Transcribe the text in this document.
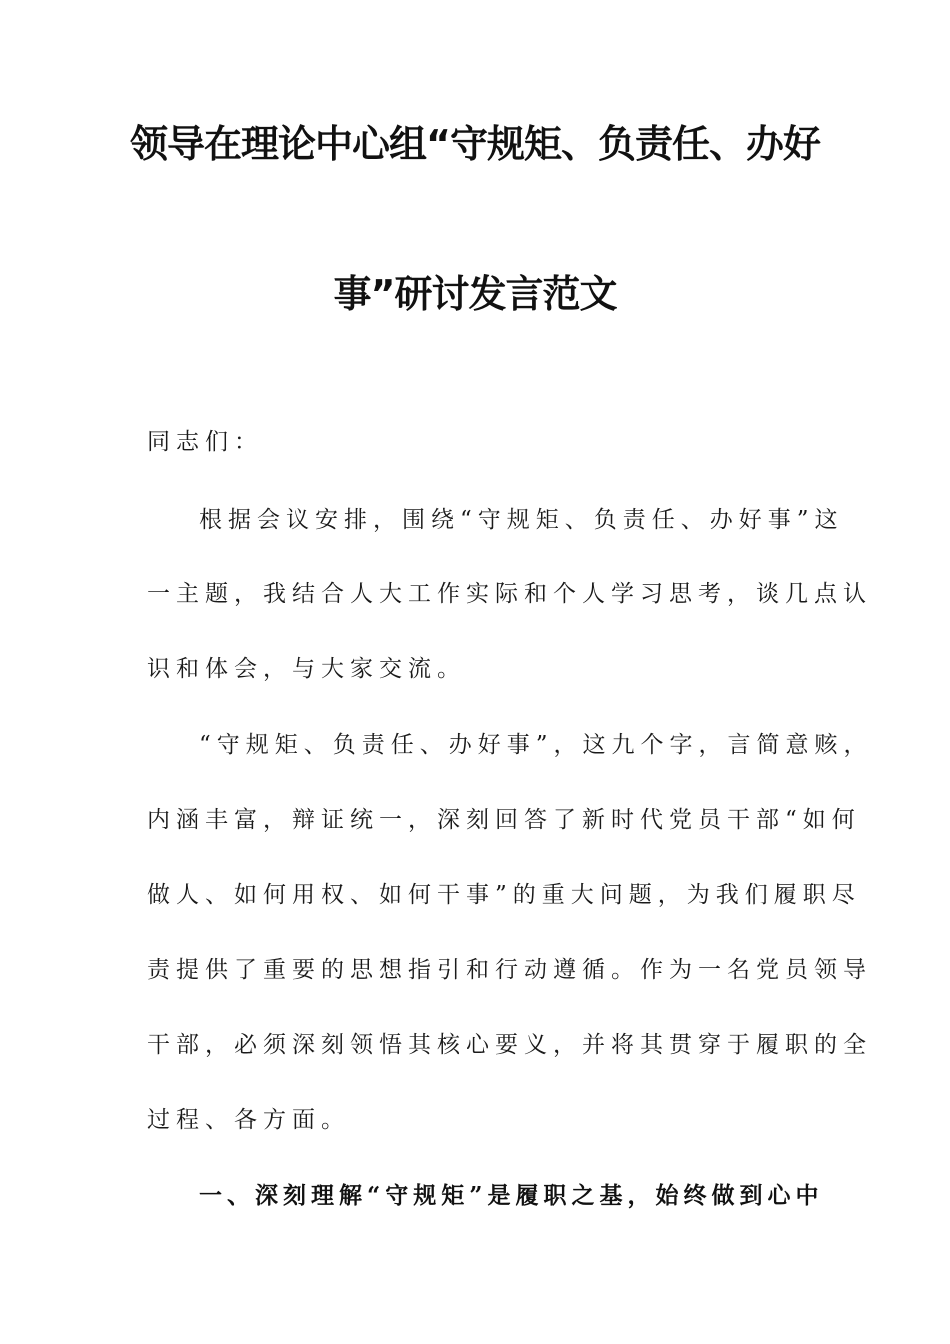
领导在理论中心组“守规矩、负责任、办好
事”研讨发言范文

同志们：

根据会议安排，围绕“守规矩、负责任、办好事”这

一主题，我结合人大工作实际和个人学习思考，谈几点认

识和体会，与大家交流。

“守规矩、负责任、办好事”，这九个字，言简意赅，

内涵丰富，辩证统一，深刻回答了新时代党员干部“如何

做人、如何用权、如何干事”的重大问题，为我们履职尽

责提供了重要的思想指引和行动遵循。作为一名党员领导

干部，必须深刻领悟其核心要义，并将其贯穿于履职的全

过程、各方面。

一、深刻理解“守规矩”是履职之基，始终做到心中
